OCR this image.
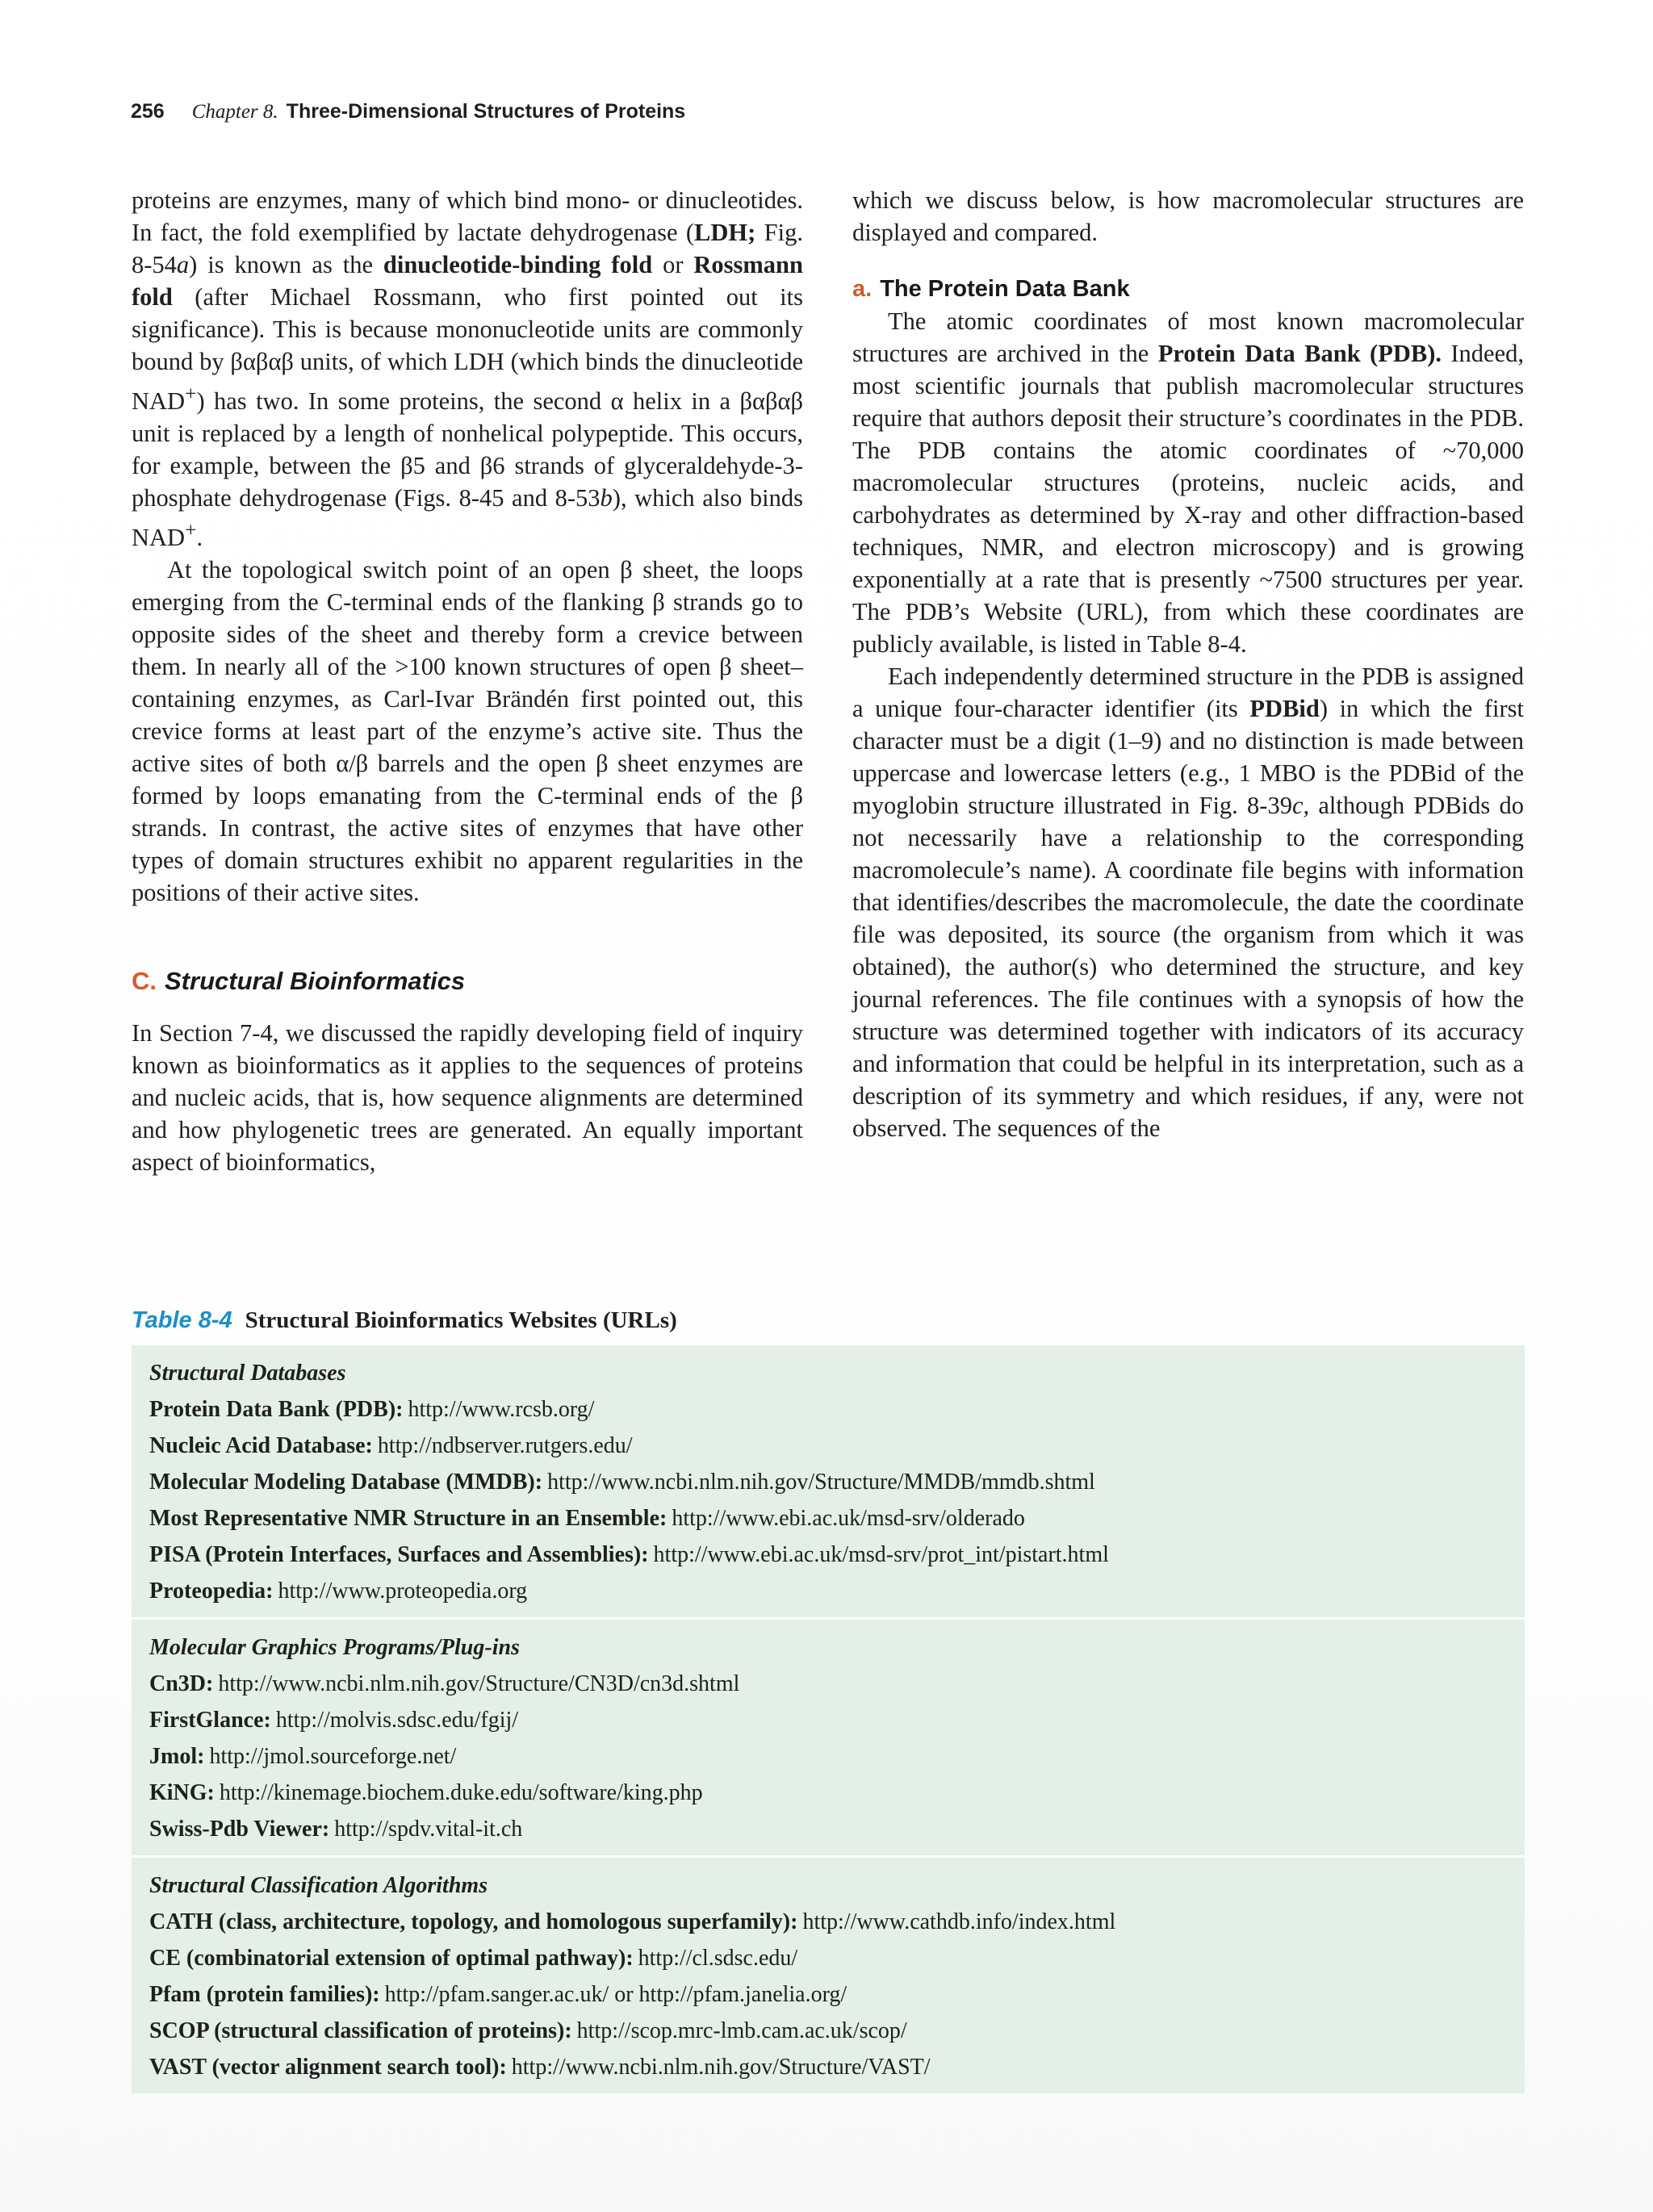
256 Chapter 8. Three-Dimensional Structures of Proteins

proteins are enzymes, many of which bind mono- or dinucleotides. In fact, the fold exemplified by lactate dehydrogenase (LDH; Fig. 8-54a) is known as the dinucleotide-binding fold or Rossmann fold (after Michael Rossmann, who first pointed out its significance). This is because mononucleotide units are commonly bound by βαβαβ units, of which LDH (which binds the dinucleotide NAD+) has two. In some proteins, the second α helix in a βαβαβ unit is replaced by a length of nonhelical polypeptide. This occurs, for example, between the β5 and β6 strands of glyceraldehyde-3-phosphate dehydrogenase (Figs. 8-45 and 8-53b), which also binds NAD+.

At the topological switch point of an open β sheet, the loops emerging from the C-terminal ends of the flanking β strands go to opposite sides of the sheet and thereby form a crevice between them. In nearly all of the >100 known structures of open β sheet–containing enzymes, as Carl-Ivar Brändén first pointed out, this crevice forms at least part of the enzyme’s active site. Thus the active sites of both α/β barrels and the open β sheet enzymes are formed by loops emanating from the C-terminal ends of the β strands. In contrast, the active sites of enzymes that have other types of domain structures exhibit no apparent regularities in the positions of their active sites.

C. Structural Bioinformatics

In Section 7-4, we discussed the rapidly developing field of inquiry known as bioinformatics as it applies to the sequences of proteins and nucleic acids, that is, how sequence alignments are determined and how phylogenetic trees are generated. An equally important aspect of bioinformatics,

which we discuss below, is how macromolecular structures are displayed and compared.

a. The Protein Data Bank

The atomic coordinates of most known macromolecular structures are archived in the Protein Data Bank (PDB). Indeed, most scientific journals that publish macromolecular structures require that authors deposit their structure’s coordinates in the PDB. The PDB contains the atomic coordinates of ~70,000 macromolecular structures (proteins, nucleic acids, and carbohydrates as determined by X-ray and other diffraction-based techniques, NMR, and electron microscopy) and is growing exponentially at a rate that is presently ~7500 structures per year. The PDB’s Website (URL), from which these coordinates are publicly available, is listed in Table 8-4.

Each independently determined structure in the PDB is assigned a unique four-character identifier (its PDBid) in which the first character must be a digit (1–9) and no distinction is made between uppercase and lowercase letters (e.g., 1 MBO is the PDBid of the myoglobin structure illustrated in Fig. 8-39c, although PDBids do not necessarily have a relationship to the corresponding macromolecule’s name). A coordinate file begins with information that identifies/describes the macromolecule, the date the coordinate file was deposited, its source (the organism from which it was obtained), the author(s) who determined the structure, and key journal references. The file continues with a synopsis of how the structure was determined together with indicators of its accuracy and information that could be helpful in its interpretation, such as a description of its symmetry and which residues, if any, were not observed. The sequences of the

Table 8-4 Structural Bioinformatics Websites (URLs)
Structural Databases
Protein Data Bank (PDB): http://www.rcsb.org/
Nucleic Acid Database: http://ndbserver.rutgers.edu/
Molecular Modeling Database (MMDB): http://www.ncbi.nlm.nih.gov/Structure/MMDB/mmdb.shtml
Most Representative NMR Structure in an Ensemble: http://www.ebi.ac.uk/msd-srv/olderado
PISA (Protein Interfaces, Surfaces and Assemblies): http://www.ebi.ac.uk/msd-srv/prot_int/pistart.html
Proteopedia: http://www.proteopedia.org
Molecular Graphics Programs/Plug-ins
Cn3D: http://www.ncbi.nlm.nih.gov/Structure/CN3D/cn3d.shtml
FirstGlance: http://molvis.sdsc.edu/fgij/
Jmol: http://jmol.sourceforge.net/
KiNG: http://kinemage.biochem.duke.edu/software/king.php
Swiss-Pdb Viewer: http://spdv.vital-it.ch
Structural Classification Algorithms
CATH (class, architecture, topology, and homologous superfamily): http://www.cathdb.info/index.html
CE (combinatorial extension of optimal pathway): http://cl.sdsc.edu/
Pfam (protein families): http://pfam.sanger.ac.uk/ or http://pfam.janelia.org/
SCOP (structural classification of proteins): http://scop.mrc-lmb.cam.ac.uk/scop/
VAST (vector alignment search tool): http://www.ncbi.nlm.nih.gov/Structure/VAST/
